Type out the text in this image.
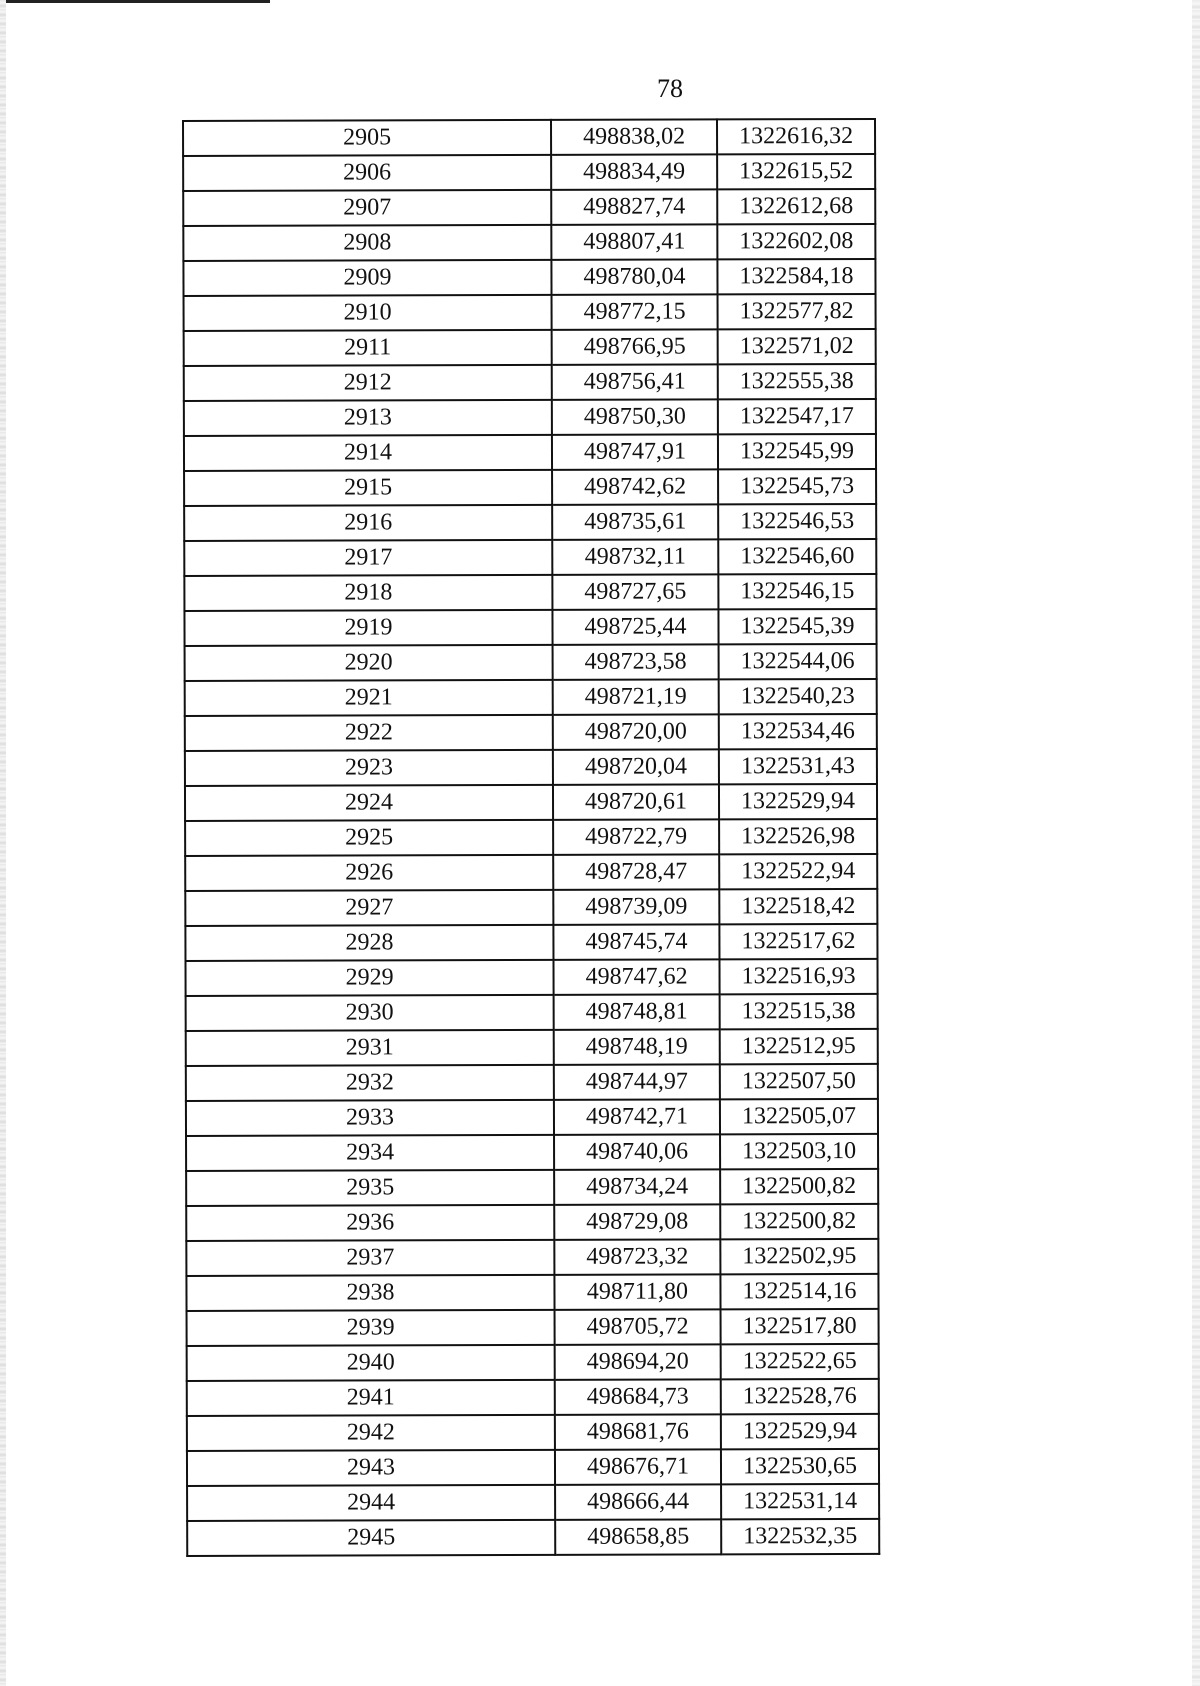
78
2905	498838,02	1322616,32
2906	498834,49	1322615,52
2907	498827,74	1322612,68
2908	498807,41	1322602,08
2909	498780,04	1322584,18
2910	498772,15	1322577,82
2911	498766,95	1322571,02
2912	498756,41	1322555,38
2913	498750,30	1322547,17
2914	498747,91	1322545,99
2915	498742,62	1322545,73
2916	498735,61	1322546,53
2917	498732,11	1322546,60
2918	498727,65	1322546,15
2919	498725,44	1322545,39
2920	498723,58	1322544,06
2921	498721,19	1322540,23
2922	498720,00	1322534,46
2923	498720,04	1322531,43
2924	498720,61	1322529,94
2925	498722,79	1322526,98
2926	498728,47	1322522,94
2927	498739,09	1322518,42
2928	498745,74	1322517,62
2929	498747,62	1322516,93
2930	498748,81	1322515,38
2931	498748,19	1322512,95
2932	498744,97	1322507,50
2933	498742,71	1322505,07
2934	498740,06	1322503,10
2935	498734,24	1322500,82
2936	498729,08	1322500,82
2937	498723,32	1322502,95
2938	498711,80	1322514,16
2939	498705,72	1322517,80
2940	498694,20	1322522,65
2941	498684,73	1322528,76
2942	498681,76	1322529,94
2943	498676,71	1322530,65
2944	498666,44	1322531,14
2945	498658,85	1322532,35
